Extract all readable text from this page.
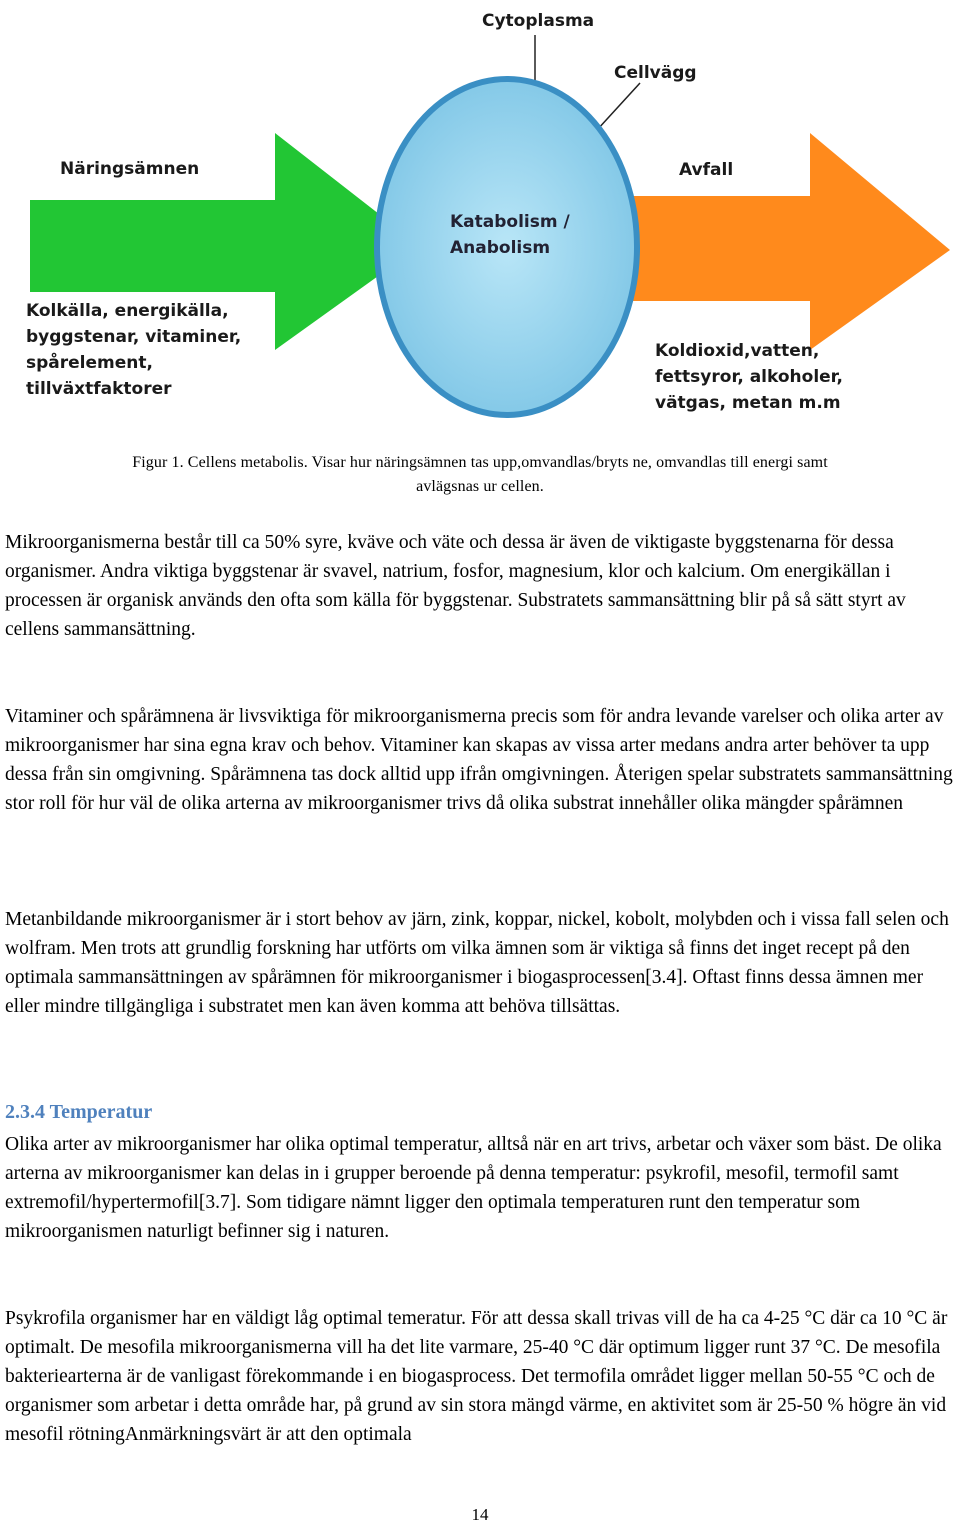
Cytoplasma
Cellvägg
Näringsämnen	Avfall
Katabolism /
Anabolism
Kolkälla, energikälla,
byggstenar, vitaminer,
spårelement,
tillväxtfaktorer
Koldioxid,vatten,
fettsyror, alkoholer,
vätgas, metan m.m
Figur 1. Cellens metabolis. Visar hur näringsämnen tas upp,omvandlas/bryts ne, omvandlas till energi samt
avlägsnas ur cellen.

Mikroorganismerna består till ca 50% syre, kväve och väte och dessa är även de viktigaste byggstenarna för dessa organismer. Andra viktiga byggstenar är svavel, natrium, fosfor, magnesium, klor och kalcium. Om energikällan i processen är organisk används den ofta som källa för byggstenar. Substratets sammansättning blir på så sätt styrt av cellens sammansättning.

Vitaminer och spårämnena är livsviktiga för mikroorganismerna precis som för andra levande varelser och olika arter av mikroorganismer har sina egna krav och behov. Vitaminer kan skapas av vissa arter medans andra arter behöver ta upp dessa från sin omgivning. Spårämnena tas dock alltid upp ifrån omgivningen. Återigen spelar substratets sammansättning stor roll för hur väl de olika arterna av mikroorganismer trivs då olika substrat innehåller olika mängder spårämnen

Metanbildande mikroorganismer är i stort behov av järn, zink, koppar, nickel, kobolt, molybden och i vissa fall selen och wolfram. Men trots att grundlig forskning har utförts om vilka ämnen som är viktiga så finns det inget recept på den optimala sammansättningen av spårämnen för mikroorganismer i biogasprocessen[3.4]. Oftast finns dessa ämnen mer eller mindre tillgängliga i substratet men kan även komma att behöva tillsättas.

2.3.4 Temperatur

Olika arter av mikroorganismer har olika optimal temperatur, alltså när en art trivs, arbetar och växer som bäst. De olika arterna av mikroorganismer kan delas in i grupper beroende på denna temperatur: psykrofil, mesofil, termofil samt extremofil/hypertermofil[3.7]. Som tidigare nämnt ligger den optimala temperaturen runt den temperatur som mikroorganismen naturligt befinner sig i naturen.

Psykrofila organismer har en väldigt låg optimal temeratur. För att dessa skall trivas vill de ha ca 4-25 °C där ca 10 °C är optimalt. De mesofila mikroorganismerna vill ha det lite varmare, 25-40 °C där optimum ligger runt 37 °C. De mesofila bakteriearterna är de vanligast förekommande i en biogasprocess. Det termofila området ligger mellan 50-55 °C och de organismer som arbetar i detta område har, på grund av sin stora mängd värme, en aktivitet som är 25-50 % högre än vid mesofil rötningAnmärkningsvärt är att den optimala

14
